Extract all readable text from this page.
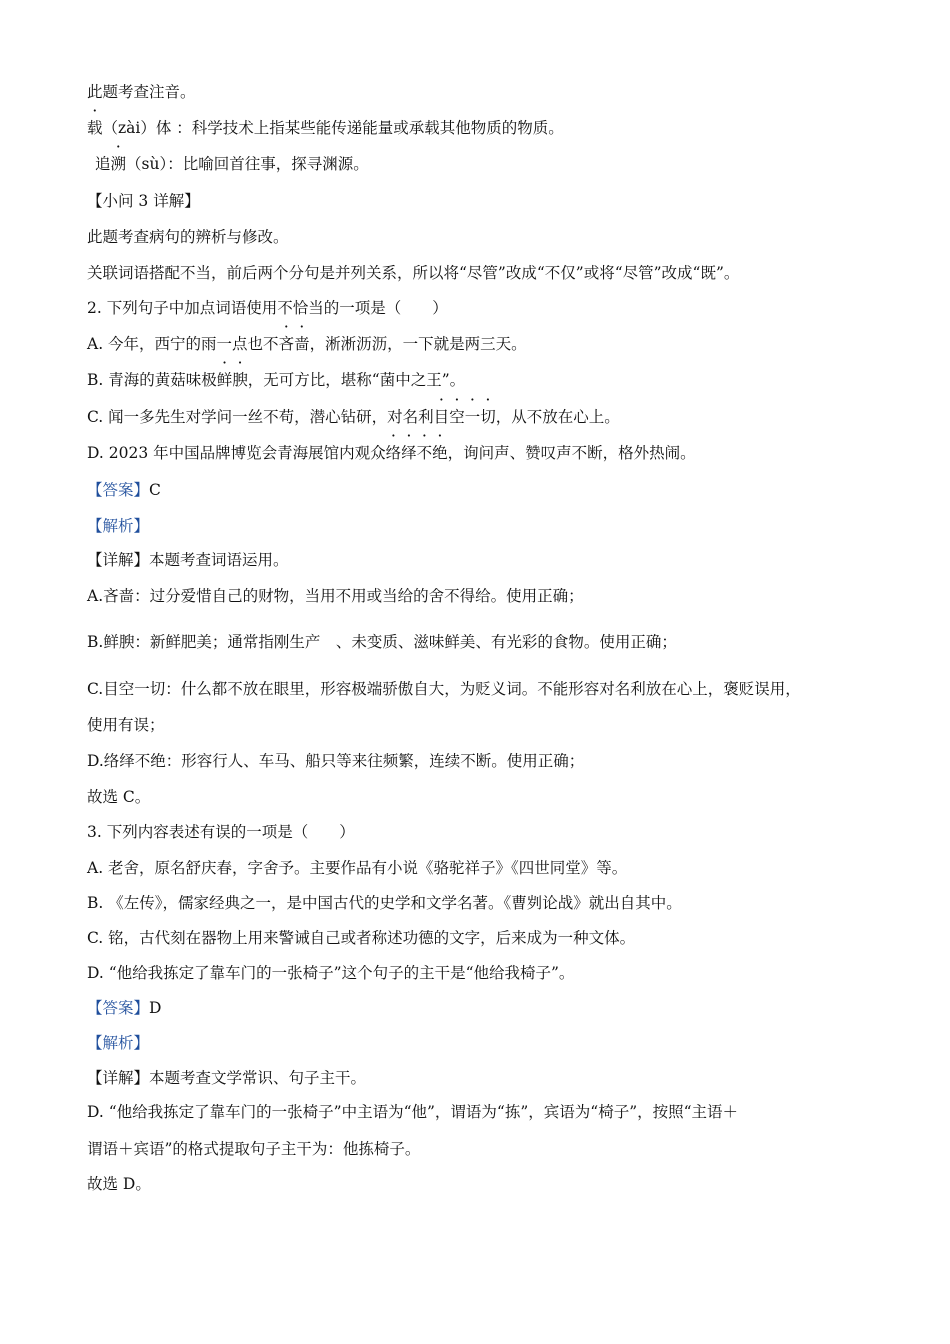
此题考查注音。
载（zài）体 ：科学技术上指某些能传递能量或承载其他物质的物质。
追溯（sù）：比喻回首往事，探寻渊源。
【小问 3 详解】
此题考查病句的辨析与修改。
关联词语搭配不当，前后两个分句是并列关系，所以将“尽管”改成“不仅”或将“尽管”改成“既”。
2. 下列句子中加点词语使用不恰当的一项是（　　）
A. 今年，西宁的雨一点也不吝啬，淅淅沥沥，一下就是两三天。
B. 青海的黄菇味极鲜腴，无可方比，堪称“菌中之王”。
C. 闻一多先生对学问一丝不苟，潜心钻研，对名利目空一切，从不放在心上。
D. 2023 年中国品牌博览会青海展馆内观众络绎不绝，询问声、赞叹声不断，格外热闹。
【答案】C
【解析】
【详解】本题考查词语运用。
A.吝啬：过分爱惜自己的财物，当用不用或当给的舍不得给。使用正确；
B.鲜腴：新鲜肥美；通常指刚生产　、未变质、滋味鲜美、有光彩的食物。使用正确；
C.目空一切：什么都不放在眼里，形容极端骄傲自大，为贬义词。不能形容对名利放在心上，褒贬误用，
使用有误；
D.络绎不绝：形容行人、车马、船只等来往频繁，连续不断。使用正确；
故选 C。
3. 下列内容表述有误的一项是（　　）
A. 老舍，原名舒庆春，字舍予。主要作品有小说《骆驼祥子》《四世同堂》等。
B. 《左传》，儒家经典之一，是中国古代的史学和文学名著。《曹刿论战》就出自其中。
C. 铭，古代刻在器物上用来警诫自己或者称述功德的文字，后来成为一种文体。
D. “他给我拣定了靠车门的一张椅子”这个句子的主干是“他给我椅子”。
【答案】D
【解析】
【详解】本题考查文学常识、句子主干。
D. “他给我拣定了靠车门的一张椅子”中主语为“他”，谓语为“拣”，宾语为“椅子”，按照“主语＋
谓语＋宾语”的格式提取句子主干为：他拣椅子。
故选 D。
